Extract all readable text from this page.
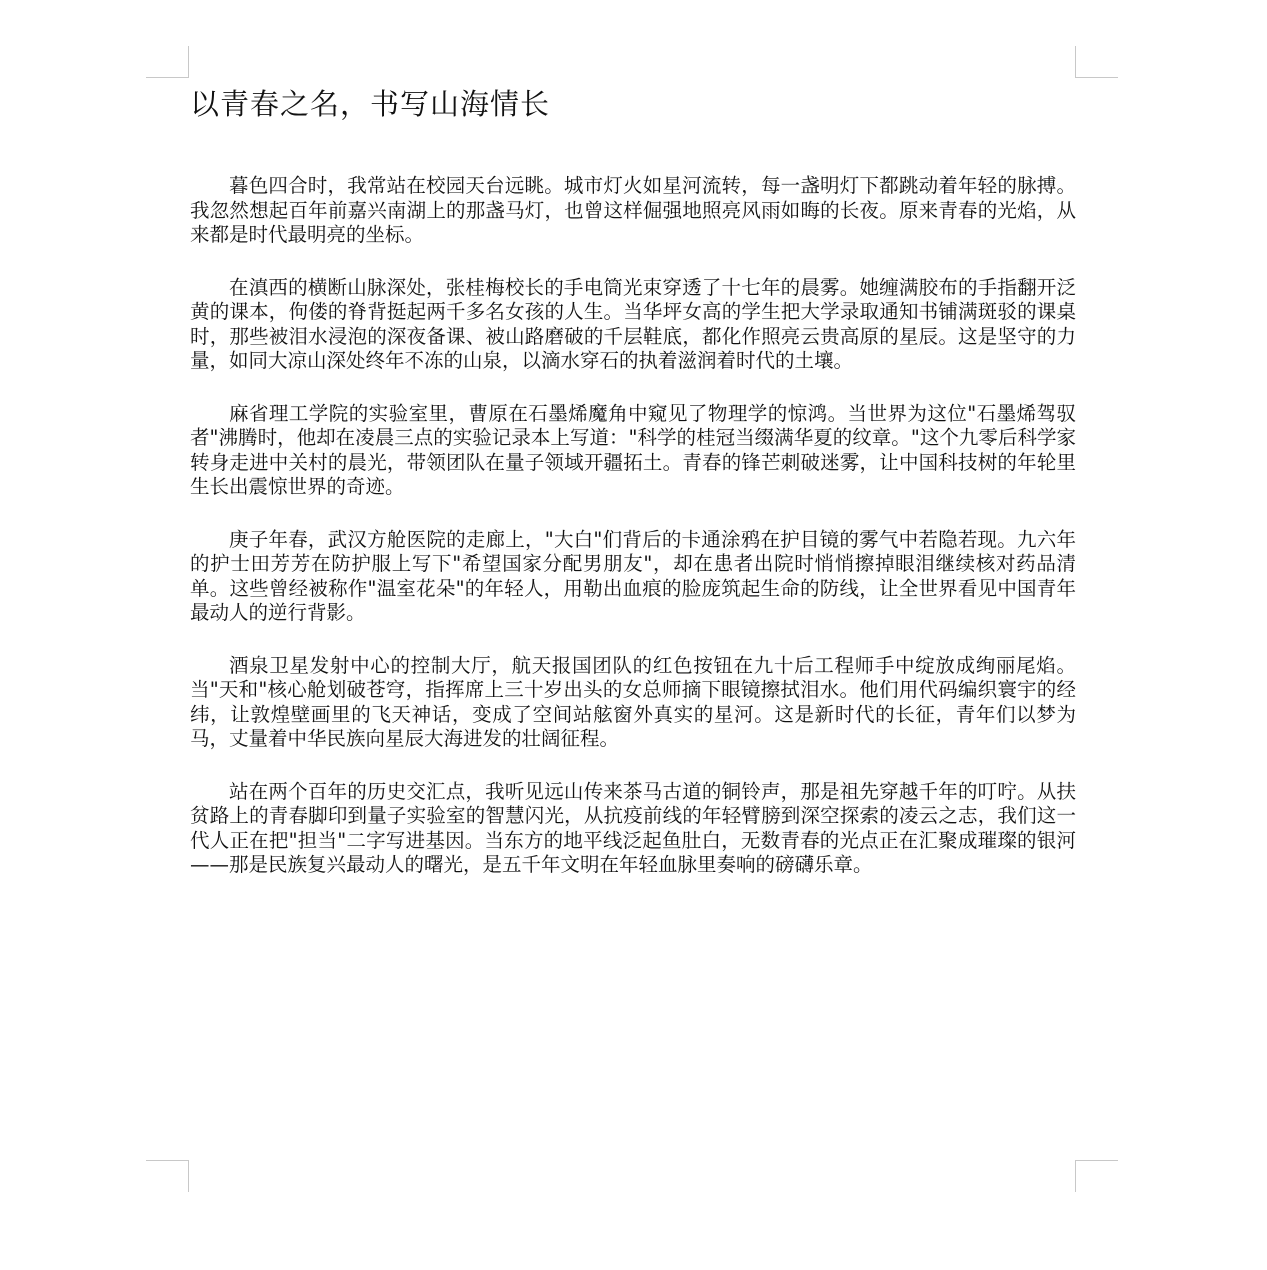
以青春之名，书写山海情长

暮色四合时，我常站在校园天台远眺。城市灯火如星河流转，每一盏明灯下都跳动着年轻的脉搏。我忽然想起百年前嘉兴南湖上的那盏马灯，也曾这样倔强地照亮风雨如晦的长夜。原来青春的光焰，从来都是时代最明亮的坐标。

在滇西的横断山脉深处，张桂梅校长的手电筒光束穿透了十七年的晨雾。她缠满胶布的手指翻开泛黄的课本，佝偻的脊背挺起两千多名女孩的人生。当华坪女高的学生把大学录取通知书铺满斑驳的课桌时，那些被泪水浸泡的深夜备课、被山路磨破的千层鞋底，都化作照亮云贵高原的星辰。这是坚守的力量，如同大凉山深处终年不冻的山泉，以滴水穿石的执着滋润着时代的土壤。

麻省理工学院的实验室里，曹原在石墨烯魔角中窥见了物理学的惊鸿。当世界为这位"石墨烯驾驭者"沸腾时，他却在凌晨三点的实验记录本上写道："科学的桂冠当缀满华夏的纹章。"这个九零后科学家转身走进中关村的晨光，带领团队在量子领域开疆拓土。青春的锋芒刺破迷雾，让中国科技树的年轮里生长出震惊世界的奇迹。

庚子年春，武汉方舱医院的走廊上，"大白"们背后的卡通涂鸦在护目镜的雾气中若隐若现。九六年的护士田芳芳在防护服上写下"希望国家分配男朋友"，却在患者出院时悄悄擦掉眼泪继续核对药品清单。这些曾经被称作"温室花朵"的年轻人，用勒出血痕的脸庞筑起生命的防线，让全世界看见中国青年最动人的逆行背影。

酒泉卫星发射中心的控制大厅，航天报国团队的红色按钮在九十后工程师手中绽放成绚丽尾焰。当"天和"核心舱划破苍穹，指挥席上三十岁出头的女总师摘下眼镜擦拭泪水。他们用代码编织寰宇的经纬，让敦煌壁画里的飞天神话，变成了空间站舷窗外真实的星河。这是新时代的长征，青年们以梦为马，丈量着中华民族向星辰大海进发的壮阔征程。

站在两个百年的历史交汇点，我听见远山传来茶马古道的铜铃声，那是祖先穿越千年的叮咛。从扶贫路上的青春脚印到量子实验室的智慧闪光，从抗疫前线的年轻臂膀到深空探索的凌云之志，我们这一代人正在把"担当"二字写进基因。当东方的地平线泛起鱼肚白，无数青春的光点正在汇聚成璀璨的银河——那是民族复兴最动人的曙光，是五千年文明在年轻血脉里奏响的磅礴乐章。
